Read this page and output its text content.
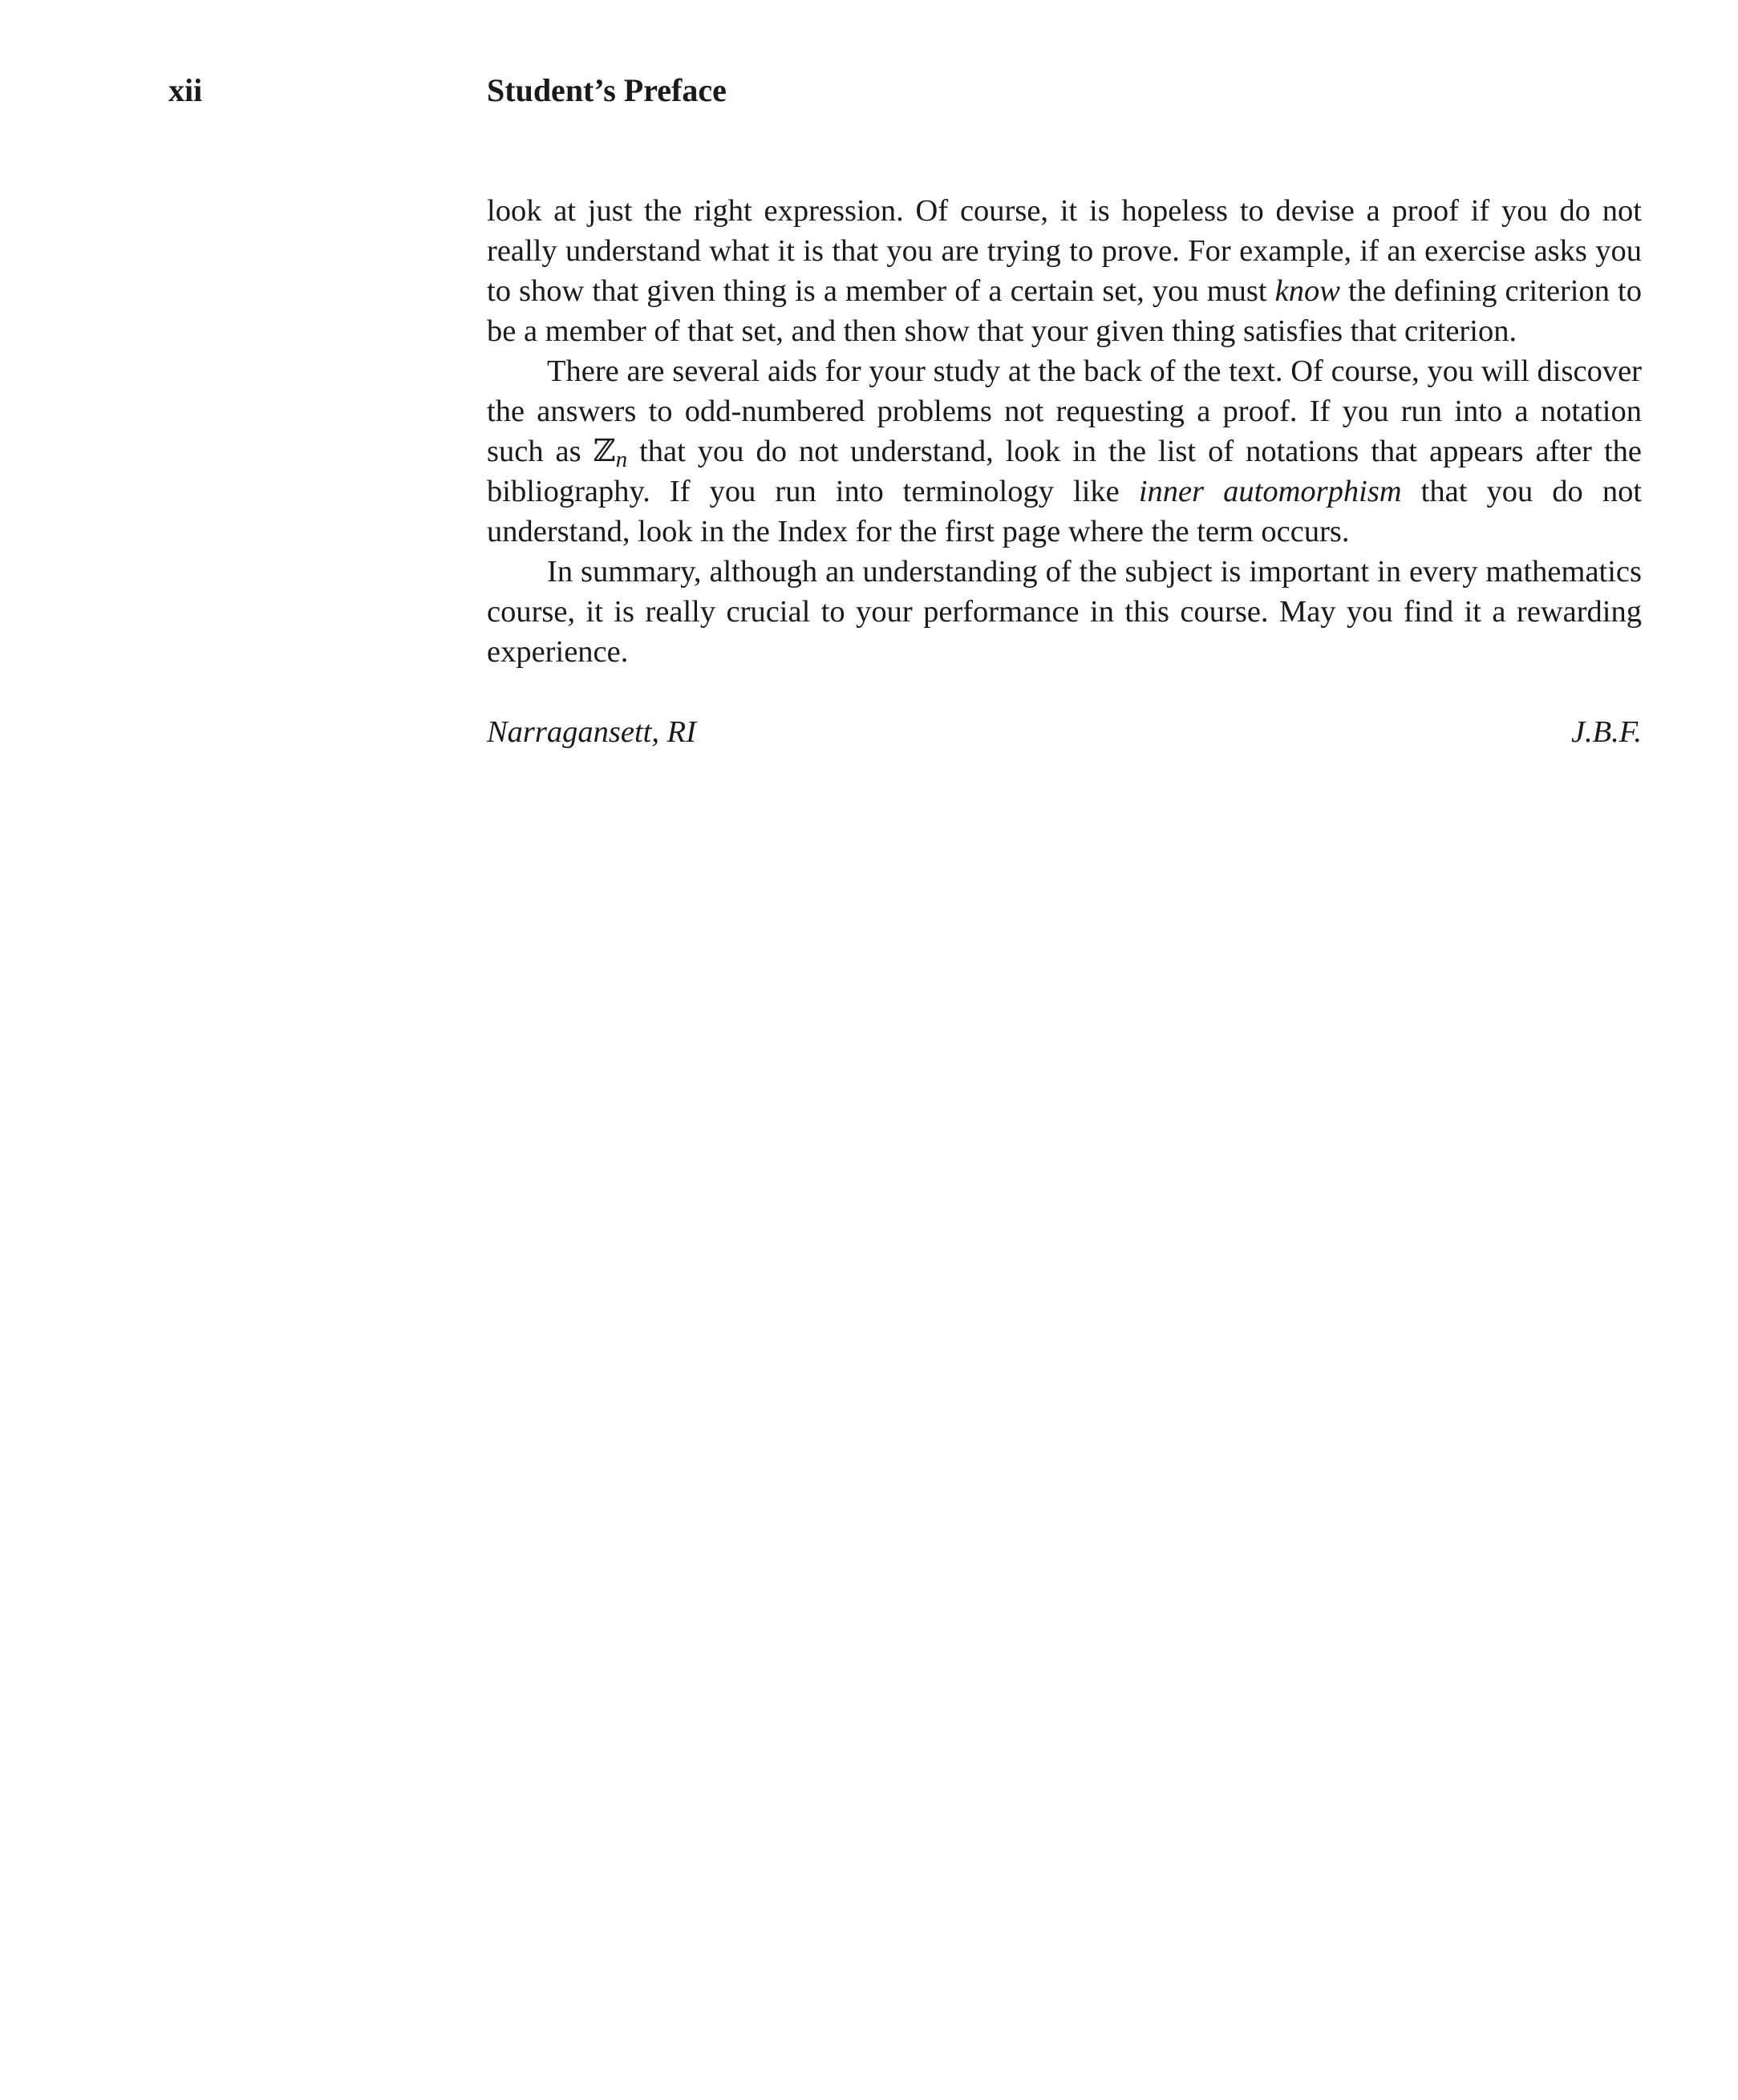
xii	Student’s Preface

look at just the right expression. Of course, it is hopeless to devise a proof if you do not really understand what it is that you are trying to prove. For example, if an exercise asks you to show that given thing is a member of a certain set, you must know the defining criterion to be a member of that set, and then show that your given thing satisfies that criterion.

There are several aids for your study at the back of the text. Of course, you will discover the answers to odd-numbered problems not requesting a proof. If you run into a notation such as ℤn that you do not understand, look in the list of notations that appears after the bibliography. If you run into terminology like inner automorphism that you do not understand, look in the Index for the first page where the term occurs.

In summary, although an understanding of the subject is important in every mathematics course, it is really crucial to your performance in this course. May you find it a rewarding experience.

Narragansett, RI	J.B.F.
